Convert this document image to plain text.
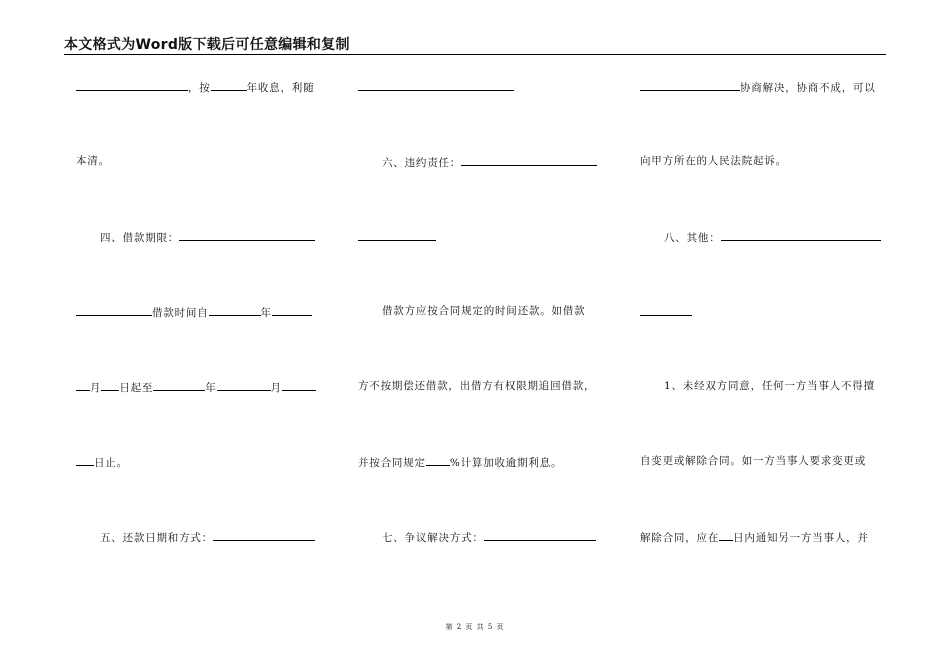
本文格式为Word版下载后可任意编辑和复制
，按	年收息，利随
本清。
四、借款期限：
借款时间自	年
月 日起至	年	月
日止。
五、还款日期和方式：
六、违约责任：
借款方应按合同规定的时间还款。如借款
方不按期偿还借款，出借方有权限期追回借款，
并按合同规定 %计算加收逾期利息。
七、争议解决方式：
协商解决，协商不成，可以
向甲方所在的人民法院起诉。
八、其他：
1、未经双方同意，任何一方当事人不得擅
自变更或解除合同。如一方当事人要求变更或
解除合同，应在 日内通知另一方当事人，并
第 2 页 共 5 页
